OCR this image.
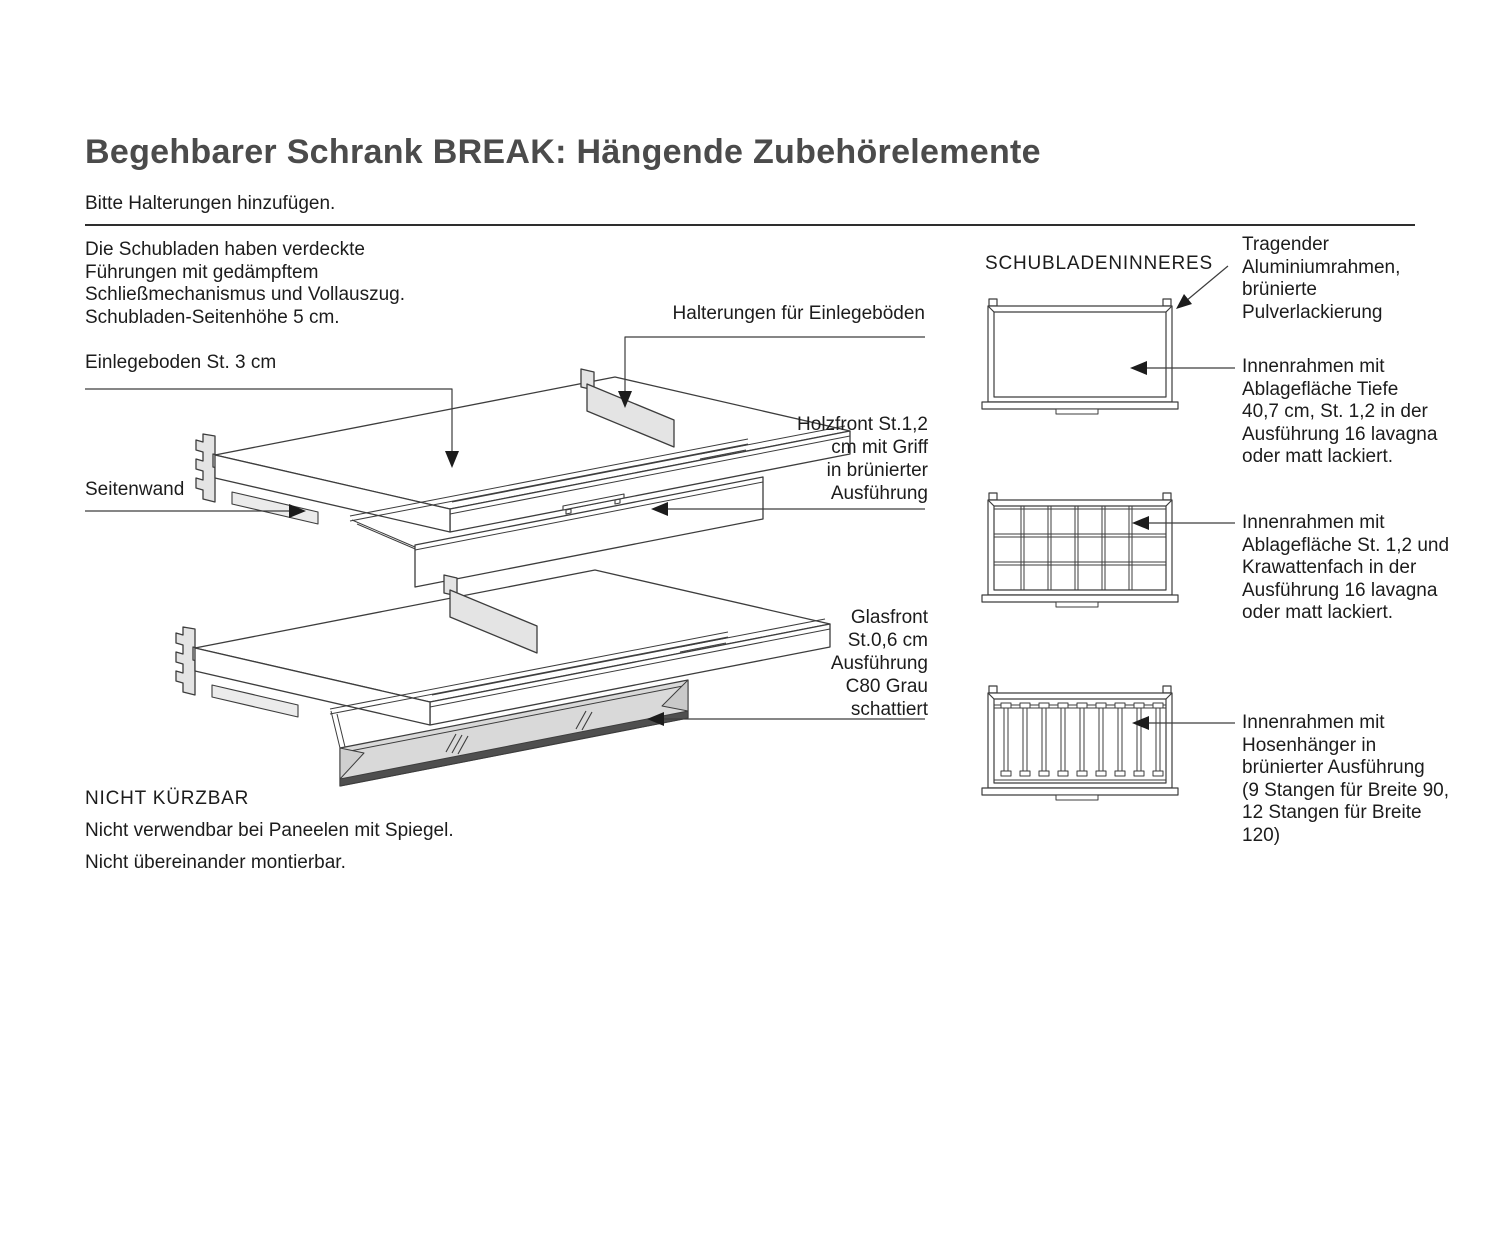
Begehbarer Schrank BREAK: Hängende Zubehörelemente
Bitte Halterungen hinzufügen.
Die Schubladen haben verdeckte
Führungen mit gedämpftem
Schließmechanismus und Vollauszug.
Schubladen-Seitenhöhe 5 cm.
Einlegeboden St. 3 cm
Halterungen für Einlegeböden
Seitenwand
Holzfront St.1,2
cm mit Griff
in brünierter
Ausführung
Glasfront
St.0,6 cm
Ausführung
C80 Grau
schattiert
NICHT KÜRZBAR
Nicht verwendbar bei Paneelen mit Spiegel.
Nicht übereinander montierbar.
SCHUBLADENINNERES
Tragender
Aluminiumrahmen,
brünierte
Pulverlackierung
Innenrahmen mit
Ablagefläche Tiefe
40,7 cm, St. 1,2 in der
Ausführung 16 lavagna
oder matt lackiert.
Innenrahmen mit
Ablagefläche St. 1,2 und
Krawattenfach in der
Ausführung 16 lavagna
oder matt lackiert.
Innenrahmen mit
Hosenhänger in
brünierter Ausführung
(9 Stangen für Breite 90,
12 Stangen für Breite
120)
